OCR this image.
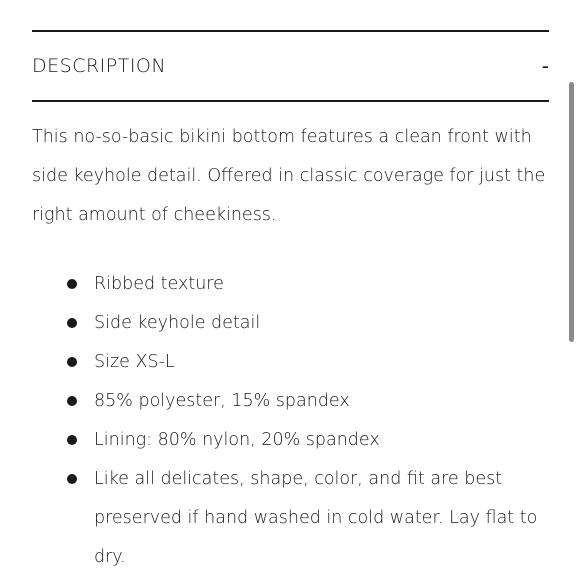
DESCRIPTION	-

This no-so-basic bikini bottom features a clean front with side keyhole detail. Offered in classic coverage for just the right amount of cheekiness.

Ribbed texture
Side keyhole detail
Size XS-L
85% polyester, 15% spandex
Lining: 80% nylon, 20% spandex
Like all delicates, shape, color, and fit are best preserved if hand washed in cold water. Lay flat to dry.
